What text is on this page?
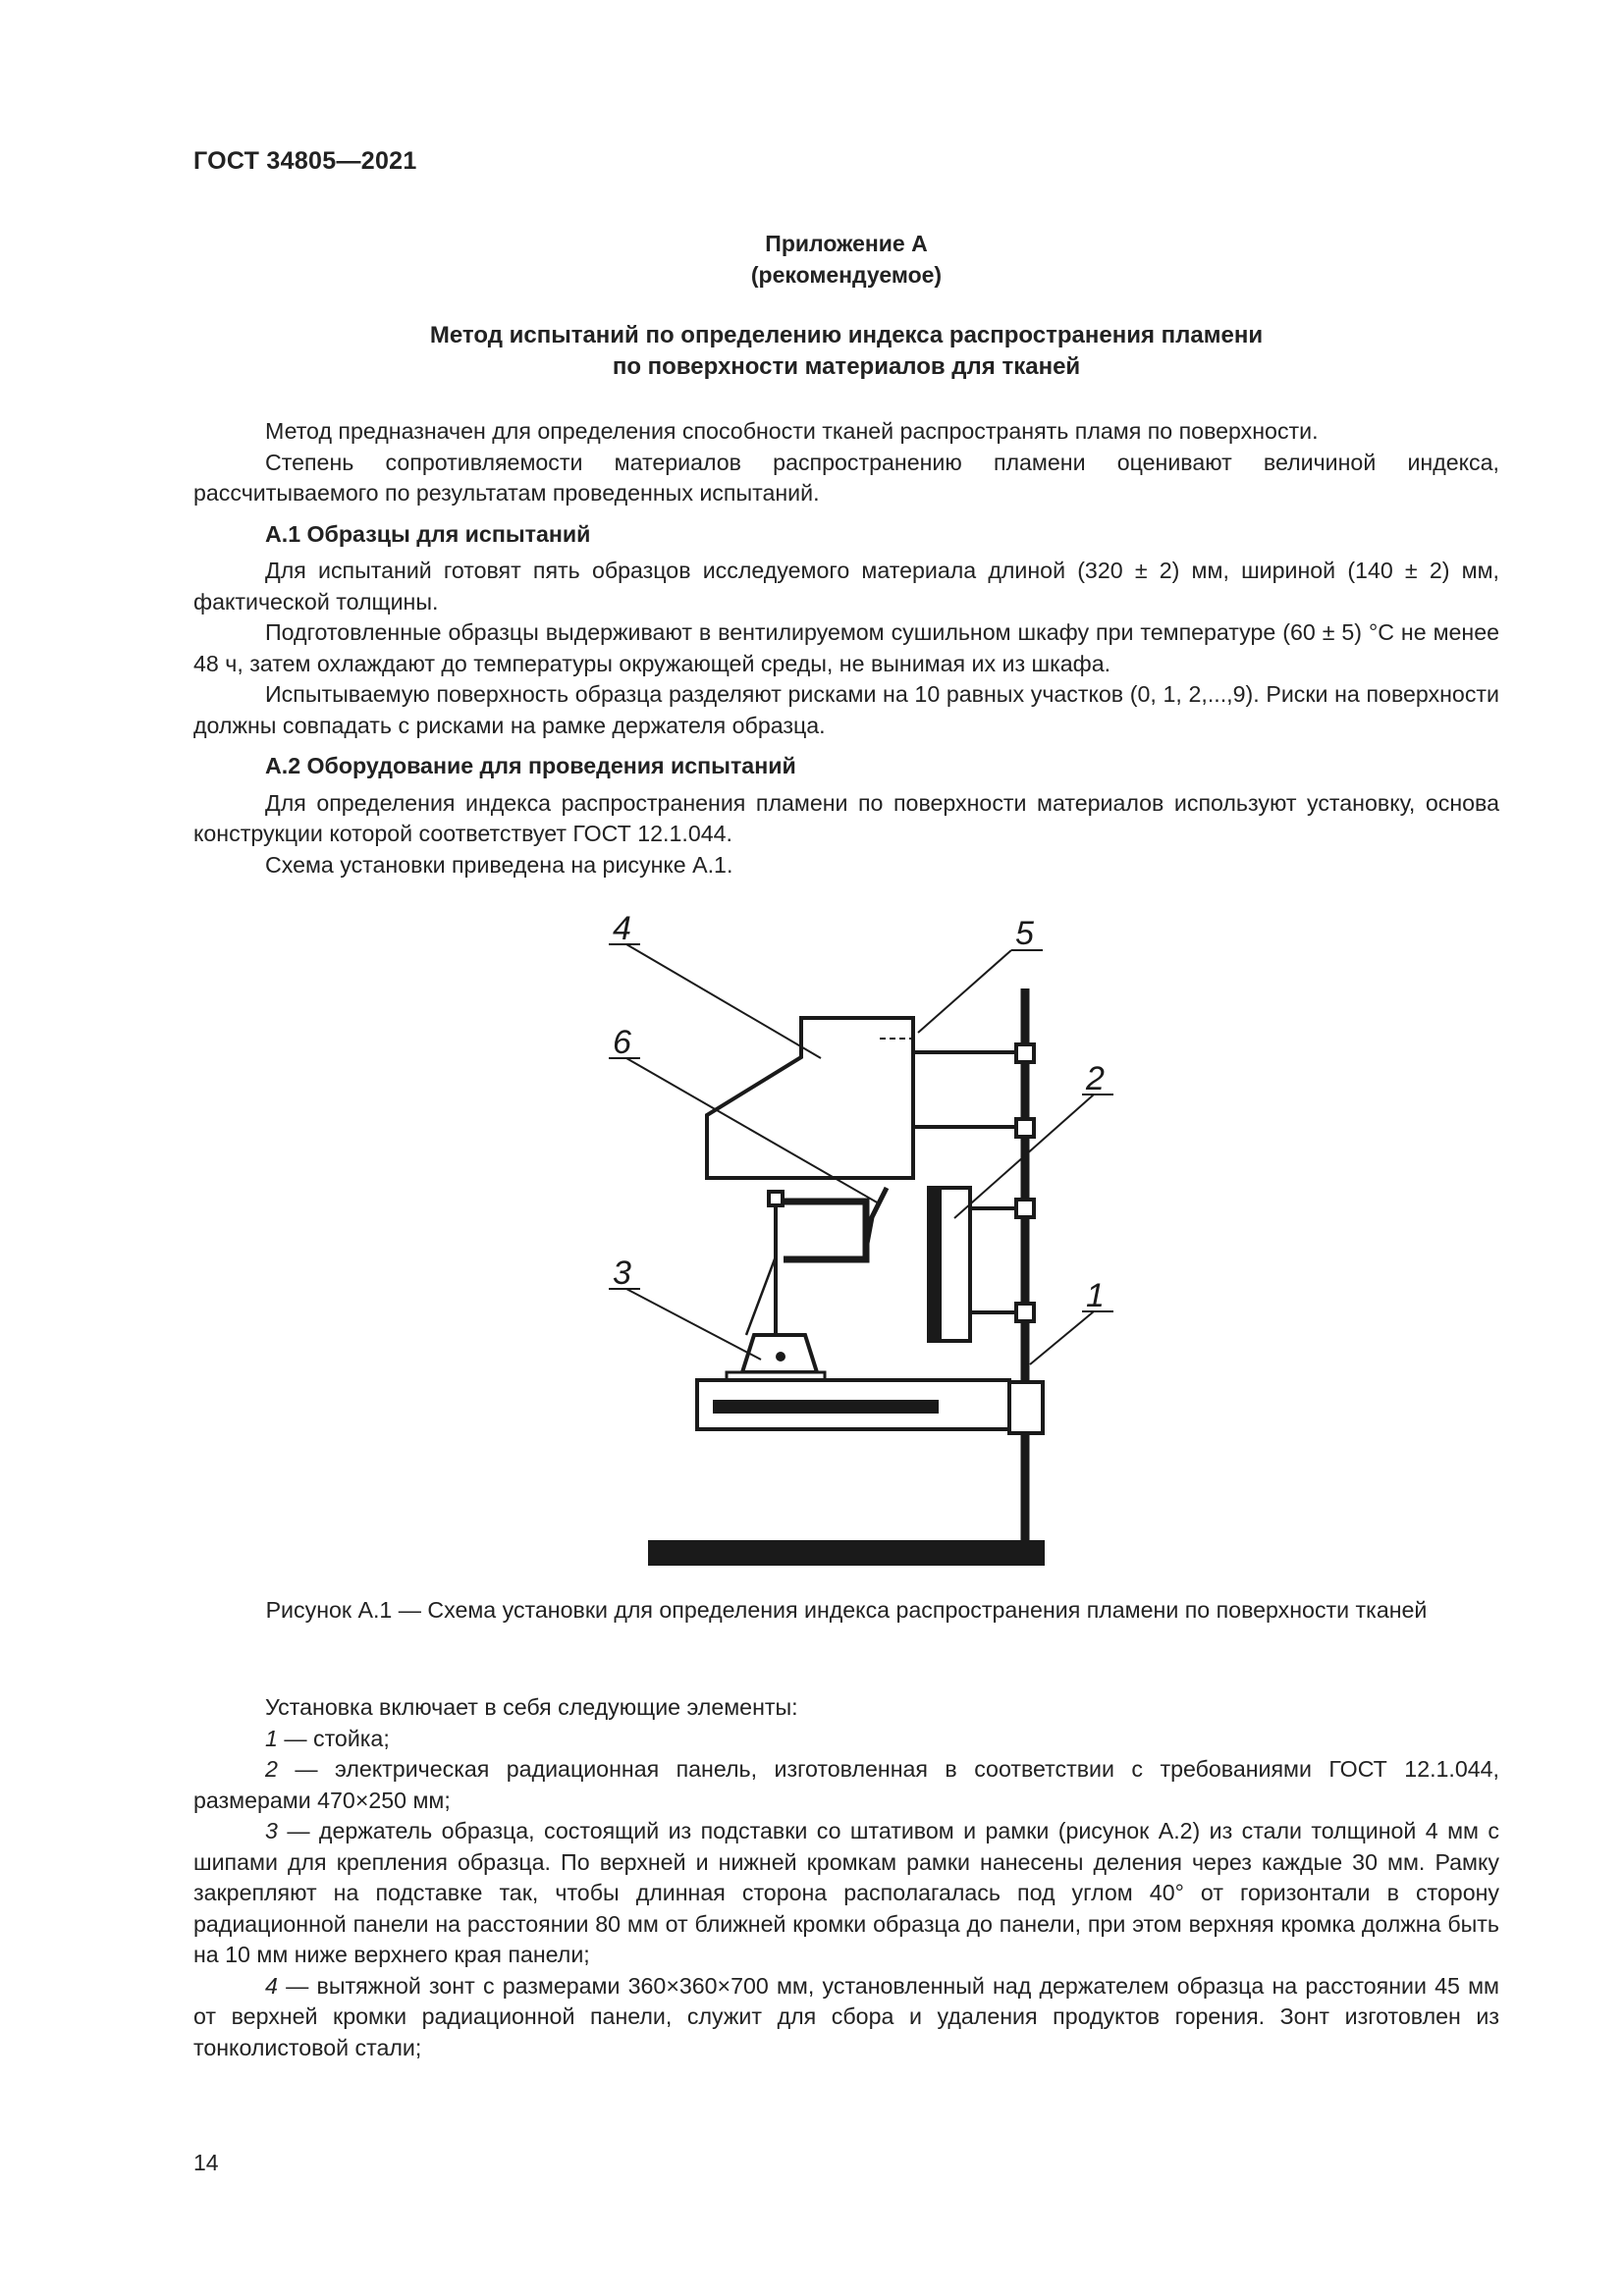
ГОСТ 34805—2021
Приложение А
(рекомендуемое)
Метод испытаний по определению индекса распространения пламени
по поверхности материалов для тканей

Метод предназначен для определения способности тканей распространять пламя по поверхности.

Степень сопротивляемости материалов распространению пламени оценивают величиной индекса, рассчитываемого по результатам проведенных испытаний.

А.1 Образцы для испытаний

Для испытаний готовят пять образцов исследуемого материала длиной (320 ± 2) мм, шириной (140 ± 2) мм, фактической толщины.

Подготовленные образцы выдерживают в вентилируемом сушильном шкафу при температуре (60 ± 5) °С не менее 48 ч, затем охлаждают до температуры окружающей среды, не вынимая их из шкафа.

Испытываемую поверхность образца разделяют рисками на 10 равных участков (0, 1, 2,...,9). Риски на поверхности должны совпадать с рисками на рамке держателя образца.

А.2 Оборудование для проведения испытаний

Для определения индекса распространения пламени по поверхности материалов используют установку, основа конструкции которой соответствует ГОСТ 12.1.044.

Схема установки приведена на рисунке А.1.

4	5
6
2
3
1
Рисунок А.1 — Схема установки для определения индекса распространения пламени по поверхности тканей

Установка включает в себя следующие элементы:

1 — стойка;

2 — электрическая радиационная панель, изготовленная в соответствии с требованиями ГОСТ 12.1.044, размерами 470×250 мм;

3 — держатель образца, состоящий из подставки со штативом и рамки (рисунок А.2) из стали толщиной 4 мм с шипами для крепления образца. По верхней и нижней кромкам рамки нанесены деления через каждые 30 мм. Рамку закрепляют на подставке так, чтобы длинная сторона располагалась под углом 40° от горизонтали в сторону радиационной панели на расстоянии 80 мм от ближней кромки образца до панели, при этом верхняя кромка должна быть на 10 мм ниже верхнего края панели;

4 — вытяжной зонт с размерами 360×360×700 мм, установленный над держателем образца на расстоянии 45 мм от верхней кромки радиационной панели, служит для сбора и удаления продуктов горения. Зонт изготовлен из тонколистовой стали;

14
